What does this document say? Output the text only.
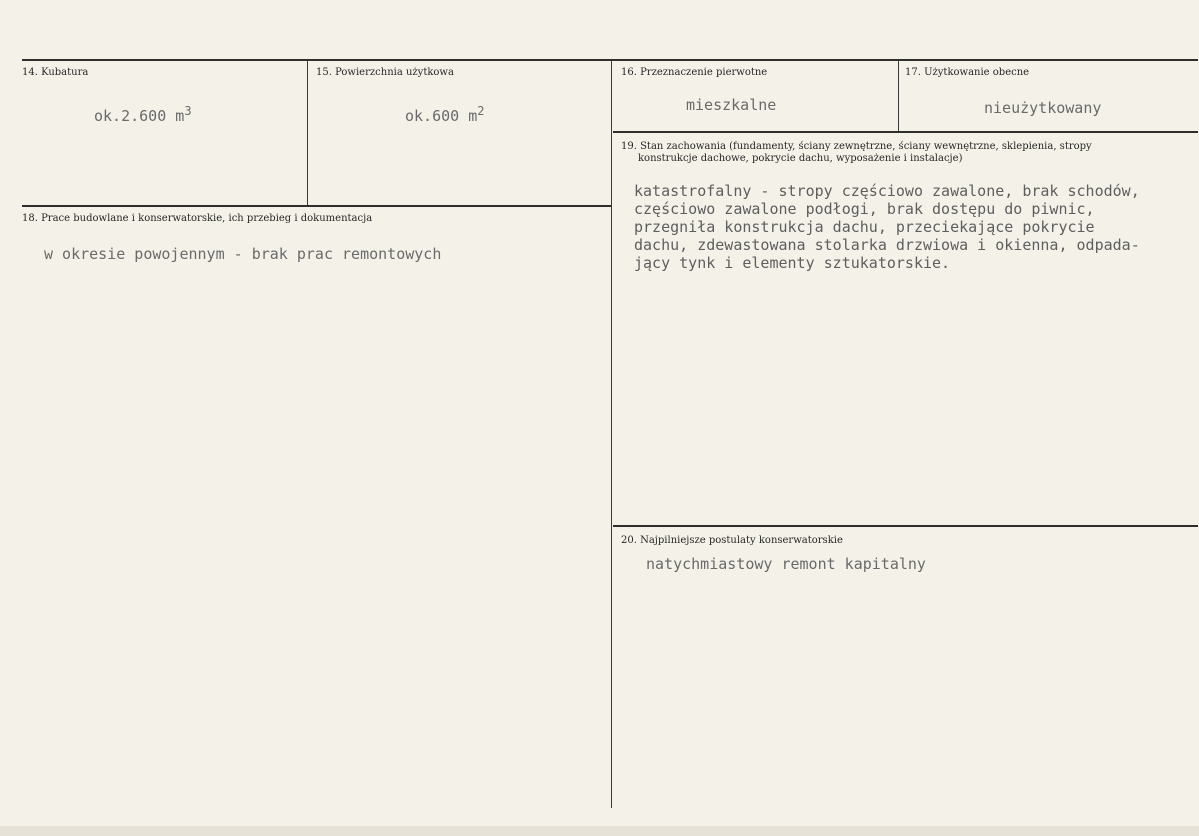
14. Kubatura
ok.2.600 $m^3$
15. Powierzchnia użytkowa
ok.600 $m^2$
16. Przeznaczenie pierwotne
mieszkalne
17. Użytkowanie obecne
nieużytkowany
18. Prace budowlane i konserwatorskie, ich przebieg i dokumentacja
w okresie powojennym - brak prac remontowych
19. Stan zachowania (fundamenty, ściany zewnętrzne, ściany wewnętrzne, sklepienia, stropy
konstrukcje dachowe, pokrycie dachu, wyposażenie i instalacje)
katastrofalny - stropy częściowo zawalone, brak schodów,
częściowo zawalone podłogi, brak dostępu do piwnic,
przegniła konstrukcja dachu, przeciekające pokrycie
dachu, zdewastowana stolarka drzwiowa i okienna, odpada-
jący tynk i elementy sztukatorskie.
20. Najpilniejsze postulaty konserwatorskie
natychmiastowy remont kapitalny
